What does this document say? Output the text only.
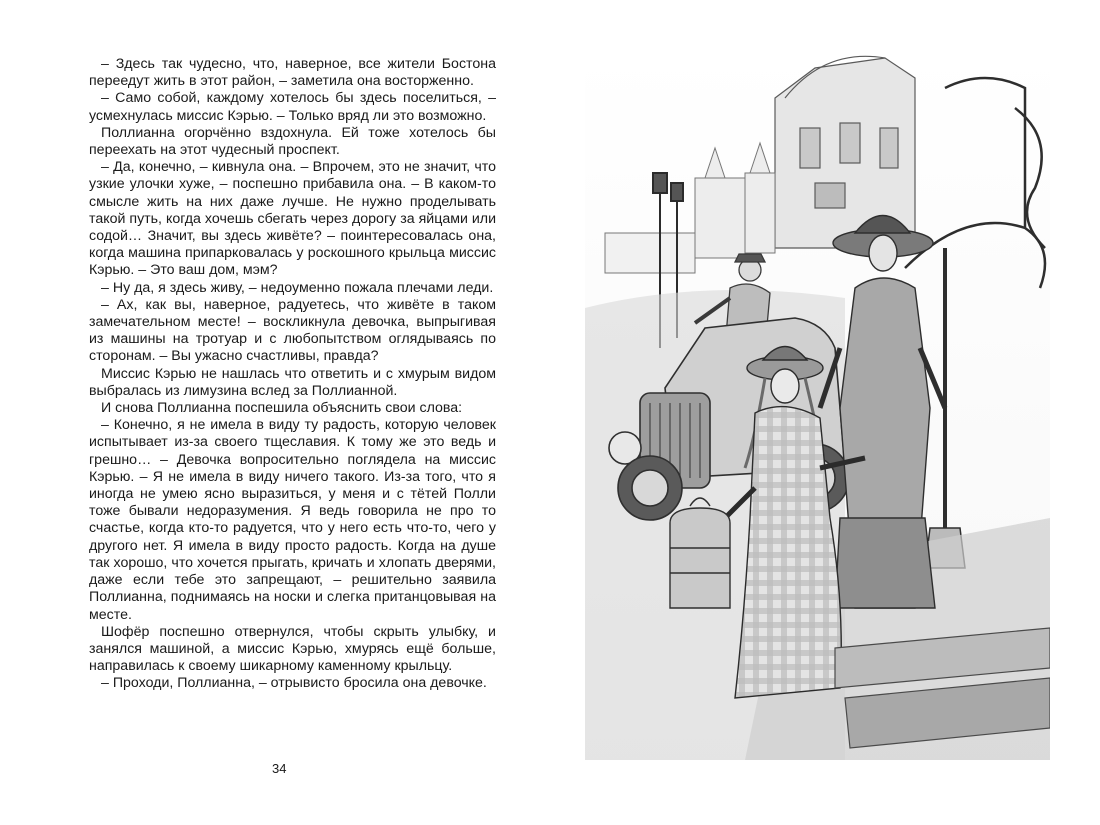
– Здесь так чудесно, что, наверное, все жители Бостона переедут жить в этот район, – заметила она восторженно.

– Само собой, каждому хотелось бы здесь поселиться, – усмехнулась миссис Кэрью. – Только вряд ли это возможно.

Поллианна огорчённо вздохнула. Ей тоже хотелось бы переехать на этот чудесный проспект.

– Да, конечно, – кивнула она. – Впрочем, это не значит, что узкие улочки хуже, – поспешно прибавила она. – В каком-то смысле жить на них даже лучше. Не нужно проделывать такой путь, когда хочешь сбегать через дорогу за яйцами или содой… Значит, вы здесь живёте? – поинтересовалась она, когда машина припарковалась у роскошного крыльца миссис Кэрью. – Это ваш дом, мэм?

– Ну да, я здесь живу, – недоуменно пожала плечами леди.

– Ах, как вы, наверное, радуетесь, что живёте в таком замечательном месте! – воскликнула девочка, выпрыгивая из машины на тротуар и с любопытством оглядываясь по сторонам. – Вы ужасно счастливы, правда?

Миссис Кэрью не нашлась что ответить и с хмурым видом выбралась из лимузина вслед за Поллианной.

И снова Поллианна поспешила объяснить свои слова:

– Конечно, я не имела в виду ту радость, которую человек испытывает из-за своего тщеславия. К тому же это ведь и грешно… – Девочка вопросительно поглядела на миссис Кэрью. – Я не имела в виду ничего такого. Из-за того, что я иногда не умею ясно выразиться, у меня и с тётей Полли тоже бывали недоразумения. Я ведь говорила не про то счастье, когда кто-то радуется, что у него есть что-то, чего у другого нет. Я имела в виду просто радость. Когда на душе так хорошо, что хочется прыгать, кричать и хлопать дверями, даже если тебе это запрещают, – решительно заявила Поллианна, поднимаясь на носки и слегка пританцовывая на месте.

Шофёр поспешно отвернулся, чтобы скрыть улыбку, и занялся машиной, а миссис Кэрью, хмурясь ещё больше, направилась к своему шикарному каменному крыльцу.

– Проходи, Поллианна, – отрывисто бросила она девочке.

34
